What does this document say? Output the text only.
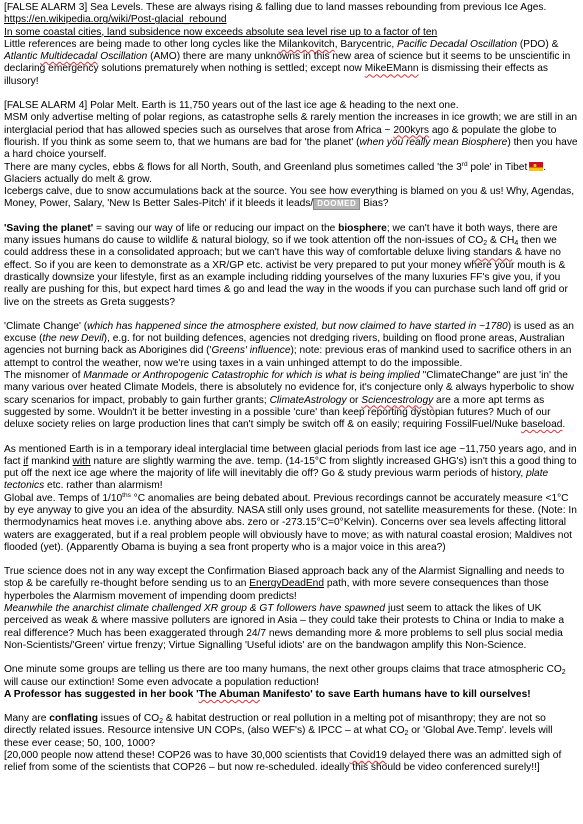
[FALSE ALARM 3] Sea Levels. These are always rising & falling due to land masses rebounding from previous Ice Ages. https://en.wikipedia.org/wiki/Post-glacial_rebound
In some coastal cities, land subsidence now exceeds absolute sea level rise up to a factor of ten
Little references are being made to other long cycles like the Milankovitch, Barycentric, Pacific Decadal Oscillation (PDO) & Atlantic Multidecadal Oscillation (AMO) there are many unknowns in this new area of science but it seems to be unscientific in declaring emergency solutions prematurely when nothing is settled; except now MikeEMann is dismissing their effects as illusory!

[FALSE ALARM 4] Polar Melt. Earth is 11,750 years out of the last ice age & heading to the next one.
MSM only advertise melting of polar regions, as catastrophe sells & rarely mention the increases in ice growth; we are still in an interglacial period that has allowed species such as ourselves that arose from Africa ~ 200kyrs ago & populate the globe to flourish. If you think as some seem to, that we humans are bad for 'the planet' (when you really mean Biosphere) then you have a hard choice yourself.
There are many cycles, ebbs & flows for all North, South, and Greenland plus sometimes called 'the 3rd pole' in Tibet .
Glaciers actually do melt & grow.
Icebergs calve, due to snow accumulations back at the source. You see how everything is blamed on you & us! Why, Agendas, Money, Power, Salary, 'New Is Better Sales-Pitch' if it bleeds it leads/ DOOMED Bias?

'Saving the planet' = saving our way of life or reducing our impact on the biosphere; we can't have it both ways, there are many issues humans do cause to wildlife & natural biology, so if we took attention off the non-issues of $CO_2$ & $CH_4$ then we could address these in a consolidated approach; but we can't have this way of comfortable deluxe living standars & have no effect. So if you are keen to demonstrate as a XR/GP etc. activist be very prepared to put your money where your mouth is & drastically downsize your lifestyle, first as an example including ridding yourselves of the many luxuries FF's give you, if you really are pushing for this, but expect hard times & go and lead the way in the woods if you can purchase such land off grid or live on the streets as Greta suggests?

'Climate Change' (which has happened since the atmosphere existed, but now claimed to have started in ~1780) is used as an excuse (the new Devil), e.g. for not building defences, agencies not dredging rivers, building on flood prone areas, Australian agencies not burning back as Aborigines did ('Greens' influence); note: previous eras of mankind used to sacrifice others in an attempt to control the weather, now we're using taxes in a vain unhinged attempt to do the impossible.
The misnomer of Manmade or Anthropogenic Catastrophic for which is what is being implied "ClimateChange" are just 'in' the many various over heated Climate Models, there is absolutely no evidence for, it's conjecture only & always hyperbolic to show scary scenarios for impact, probably to gain further grants; ClimateAstrology or Sciencestrology are a more apt terms as suggested by some. Wouldn't it be better investing in a possible 'cure' than keep reporting dystopian futures? Much of our deluxe society relies on large production lines that can't simply be switch off & on easily; requiring FossilFuel/Nuke baseload.

As mentioned Earth is in a temporary ideal interglacial time between glacial periods from last ice age ~11,750 years ago, and in fact if mankind with nature are slightly warming the ave. temp. (14-15°C from slightly increased GHG's) isn't this a good thing to put off the next ice age where the majority of life will inevitably die off? Go & study previous warm periods of history, plate tectonics etc. rather than alarmism!
Global ave. Temps of $1/10^{ths}$ °C anomalies are being debated about. Previous recordings cannot be accurately measure <1°C by eye anyway to give you an idea of the absurdity. NASA still only uses ground, not satellite measurements for these. (Note: In thermodynamics heat moves i.e. anything above abs. zero or -273.15°C=0°Kelvin). Concerns over sea levels affecting littoral waters are exaggerated, but if a real problem people will obviously have to move; as with natural coastal erosion; Maldives not flooded (yet). (Apparently Obama is buying a sea front property who is a major voice in this area?)

True science does not in any way except the Confirmation Biased approach back any of the Alarmist Signalling and needs to stop & be carefully re-thought before sending us to an EnergyDeadEnd path, with more severe consequences than those hyperboles the Alarmism movement of impending doom predicts!
Meanwhile the anarchist climate challenged XR group & GT followers have spawned just seem to attack the likes of UK perceived as weak & where massive polluters are ignored in Asia – they could take their protests to China or India to make a real difference? Much has been exaggerated through 24/7 news demanding more & more problems to sell plus social media Non-Scientists/'Green' virtue frenzy; Virtue Signalling 'Useful idiots' are on the bandwagon amplify this Non-Science.

One minute some groups are telling us there are too many humans, the next other groups claims that trace atmospheric $CO_2$ will cause our extinction! Some even advocate a population reduction!
A Professor has suggested in her book 'The Abuman Manifesto' to save Earth humans have to kill ourselves!

Many are conflating issues of $CO_2$ & habitat destruction or real pollution in a melting pot of misanthropy; they are not so directly related issues. Resource intensive UN COPs, (also WEF's) & IPCC – at what $CO_2$ or 'Global Ave.Temp'. levels will these ever cease; 50, 100, 1000?
[20,000 people now attend these! COP26 was to have 30,000 scientists that Covid19 delayed there was an admitted sigh of relief from some of the scientists that COP26 – but now re-scheduled. ideally this should be video conferenced surely!!]
